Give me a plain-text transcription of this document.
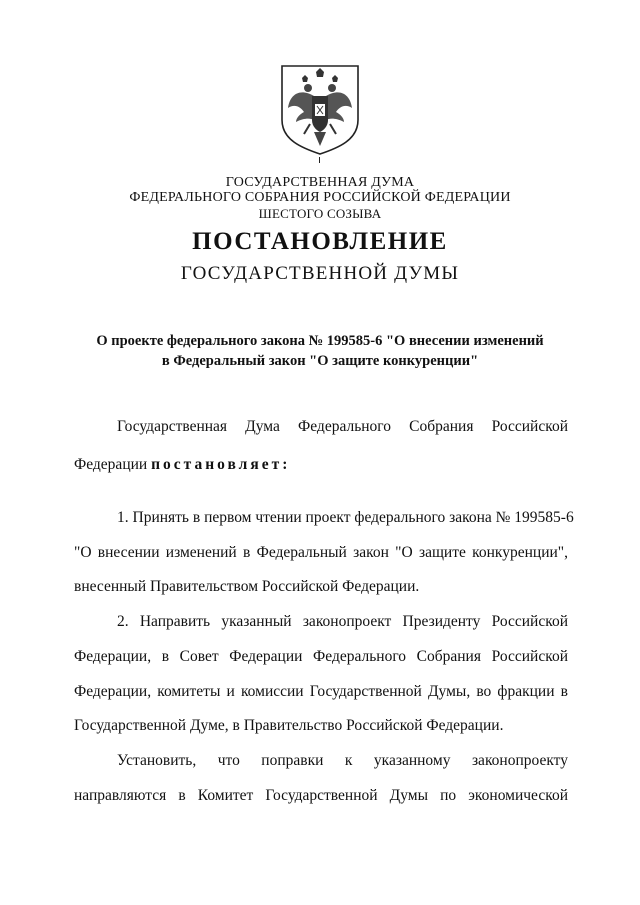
ГОСУДАРСТВЕННАЯ ДУМА
ФЕДЕРАЛЬНОГО СОБРАНИЯ РОССИЙСКОЙ ФЕДЕРАЦИИ
ШЕСТОГО СОЗЫВА
ПОСТАНОВЛЕНИЕ
ГОСУДАРСТВЕННОЙ ДУМЫ
О проекте федерального закона № 199585-6 "О внесении изменений
в Федеральный закон "О защите конкуренции"
Государственная Дума Федерального Собрания Российской
Федерации постановляет:
1. Принять в первом чтении проект федерального закона № 199585-6
"О внесении изменений в Федеральный закон "О защите конкуренции",
внесенный Правительством Российской Федерации.
2. Направить указанный законопроект Президенту Российской
Федерации, в Совет Федерации Федерального Собрания Российской
Федерации, комитеты и комиссии Государственной Думы, во фракции в
Государственной Думе, в Правительство Российской Федерации.
Установить, что поправки к указанному законопроекту
направляются в Комитет Государственной Думы по экономической
